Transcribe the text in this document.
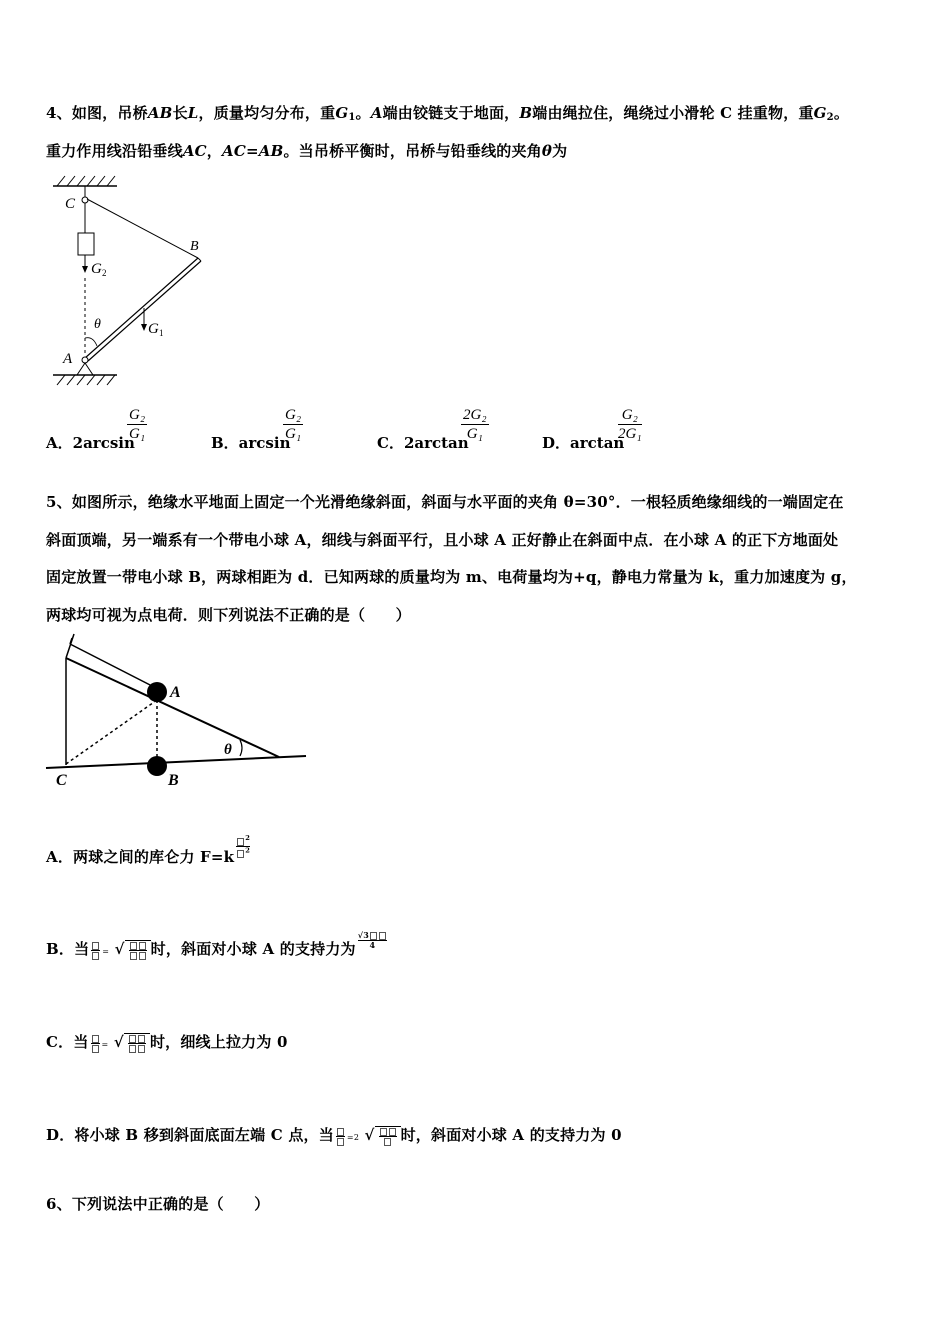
4、如图，吊桥AB长L，质量均匀分布，重$G_1$。A端由铰链支于地面，B端由绳拉住，绳绕过小滑轮 C 挂重物，重$G_2$。
重力作用线沿铅垂线AC，AC=AB。当吊桥平衡时，吊桥与铅垂线的夹角θ为
C
B
A
G 2
G 1
θ
A．2arcsin
$\frac{\text{G₂}}{\text{G₁}}$	B．arcsin
$\frac{\text{G₂}}{\text{G₁}}$	C．2arctan
$\frac{\text{2G₂}}{\text{G₁}}$	D．arctan
$\frac{\text{G₂}}{\text{2G₁}}$
5、如图所示，绝缘水平地面上固定一个光滑绝缘斜面，斜面与水平面的夹角 θ=30°．一根轻质绝缘细线的一端固定在
斜面顶端，另一端系有一个带电小球 A，细线与斜面平行，且小球 A 正好静止在斜面中点．在小球 A 的正下方地面处
固定放置一带电小球 B，两球相距为 d．已知两球的质量均为 m、电荷量均为+q，静电力常量为 k，重力加速度为 g，
两球均可视为点电荷．则下列说法不正确的是（　　）
A
B
C
θ
A．两球之间的库仑力 $F=k \frac{^2}{^2}$
B．当 = √ 时，斜面对小球 A 的支持力为 $\frac{√3}{4}$
C．当 = √ 时，细线上拉力为 0
D．将小球 B 移到斜面底面左端 C 点，当 =2 √ 时，斜面对小球 A 的支持力为 0
6、下列说法中正确的是（　　）
